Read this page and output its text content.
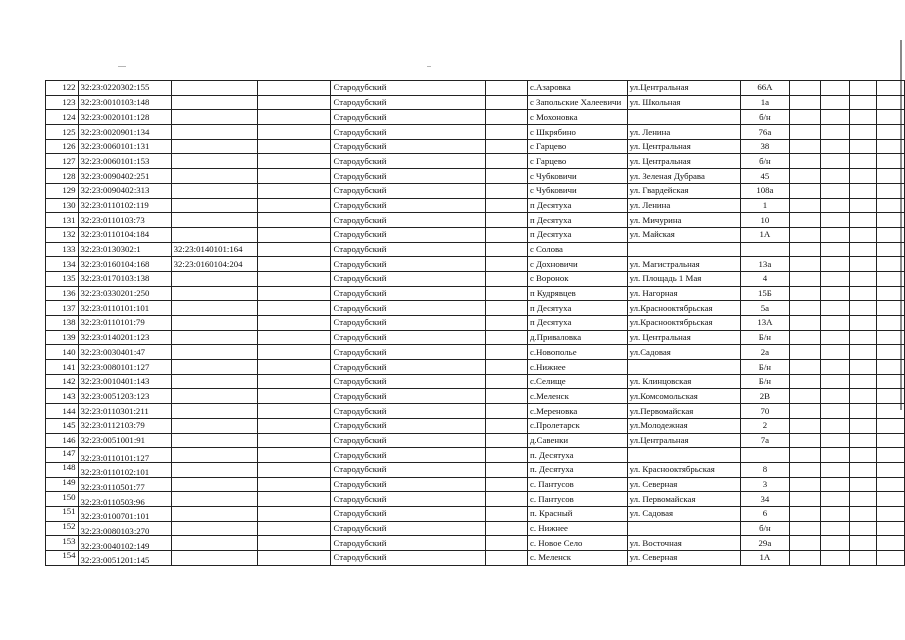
122	32:23:0220302:155			Стародубский		с.Азаровка	ул.Центральная	66А				
123	32:23:0010103:148			Стародубский		с Запольские Халеевичи	ул. Школьная	1а				
124	32:23:0020101:128			Стародубский		с Мохоновка		б/н				
125	32:23:0020901:134			Стародубский		с Шкрябино	ул. Ленина	76а				
126	32:23:0060101:131			Стародубский		с Гарцево	ул. Центральная	38				
127	32:23:0060101:153			Стародубский		с Гарцево	ул. Центральная	б/н				
128	32:23:0090402:251			Стародубский		с Чубковичи	ул. Зеленая Дубрава	45				
129	32:23:0090402:313			Стародубский		с Чубковичи	ул. Гвардейская	108а				
130	32:23:0110102:119			Стародубский		п Десятуха	ул. Ленина	1				
131	32:23:0110103:73			Стародубский		п Десятуха	ул. Мичурина	10				
132	32:23:0110104:184			Стародубский		п Десятуха	ул. Майская	1А				
133	32:23:0130302:1	32:23:0140101:164		Стародубский		с Солова						
134	32:23:0160104:168	32:23:0160104:204		Стародубский		с Дохновичи	ул. Магистральная	13а				
135	32:23:0170103:138			Стародубский		с Воронок	ул. Площадь 1 Мая	4				
136	32:23:0330201:250			Стародубский		п Кудрявцев	ул. Нагорная	15Б				
137	32:23:0110101:101			Стародубский		п Десятуха	ул.Краснооктябрьская	5а				
138	32:23:0110101:79			Стародубский		п Десятуха	ул.Краснооктябрьская	13А				
139	32:23:0140201:123			Стародубский		д.Приваловка	ул. Центральная	Б/н				
140	32:23:0030401:47			Стародубский		с.Новополье	ул.Садовая	2а				
141	32:23:0080101:127			Стародубский		с.Нижнее		Б/н				
142	32:23:0010401:143			Стародубский		с.Селище	ул. Клинцовская	Б/н				
143	32:23:0051203:123			Стародубский		с.Меленск	ул.Комсомольская	2В				
144	32:23:0110301:211			Стародубский		с.Мереновка	ул.Первомайская	70				
145	32:23:0112103:79			Стародубский		с.Пролетарск	ул.Молодежная	2				
146	32:23:0051001:91			Стародубский		д.Савенки	ул.Центральная	7а				
147	32:23:0110101:127			Стародубский		п. Десятуха						
148	32:23:0110102:101			Стародубский		п. Десятуха	ул. Краснооктябрьская	8				
149	32:23:0110501:77			Стародубский		с. Пантусов	ул. Северная	3				
150	32:23:0110503:96			Стародубский		с. Пантусов	ул. Первомайская	34				
151	32:23:0100701:101			Стародубский		п. Красный	ул. Садовая	6				
152	32:23:0080103:270			Стародубский		с. Нижнее		б/н				
153	32:23:0040102:149			Стародубский		с. Новое Село	ул. Восточная	29а				
154	32:23:0051201:145			Стародубский		с. Меленск	ул. Северная	1А				
